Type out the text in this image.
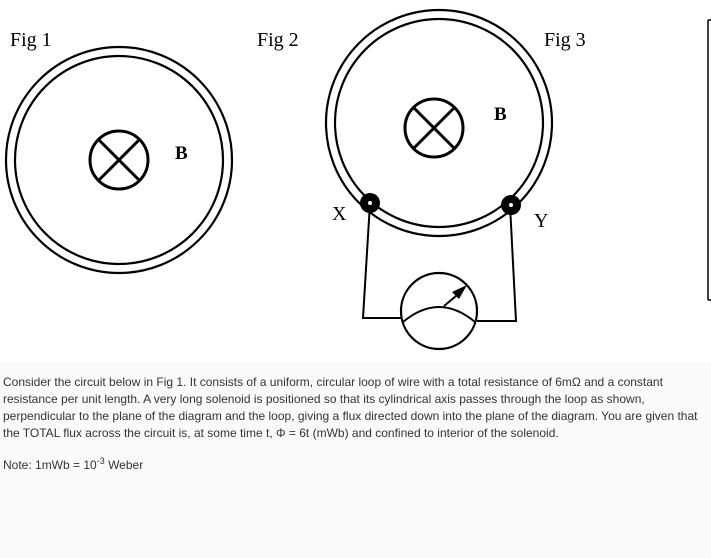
Fig 1
B
Fig 2
B
X	Y
Fig 3

Consider the circuit below in Fig 1. It consists of a uniform, circular loop of wire with a total resistance of 6mΩ and a constant resistance per unit length. A very long solenoid is positioned so that its cylindrical axis passes through the loop as shown, perpendicular to the plane of the diagram and the loop, giving a flux directed down into the plane of the diagram. You are given that the TOTAL flux across the circuit is, at some time t, Φ = 6t (mWb) and confined to interior of the solenoid.

Note: $1mWb = 10^{-3}$ Weber
